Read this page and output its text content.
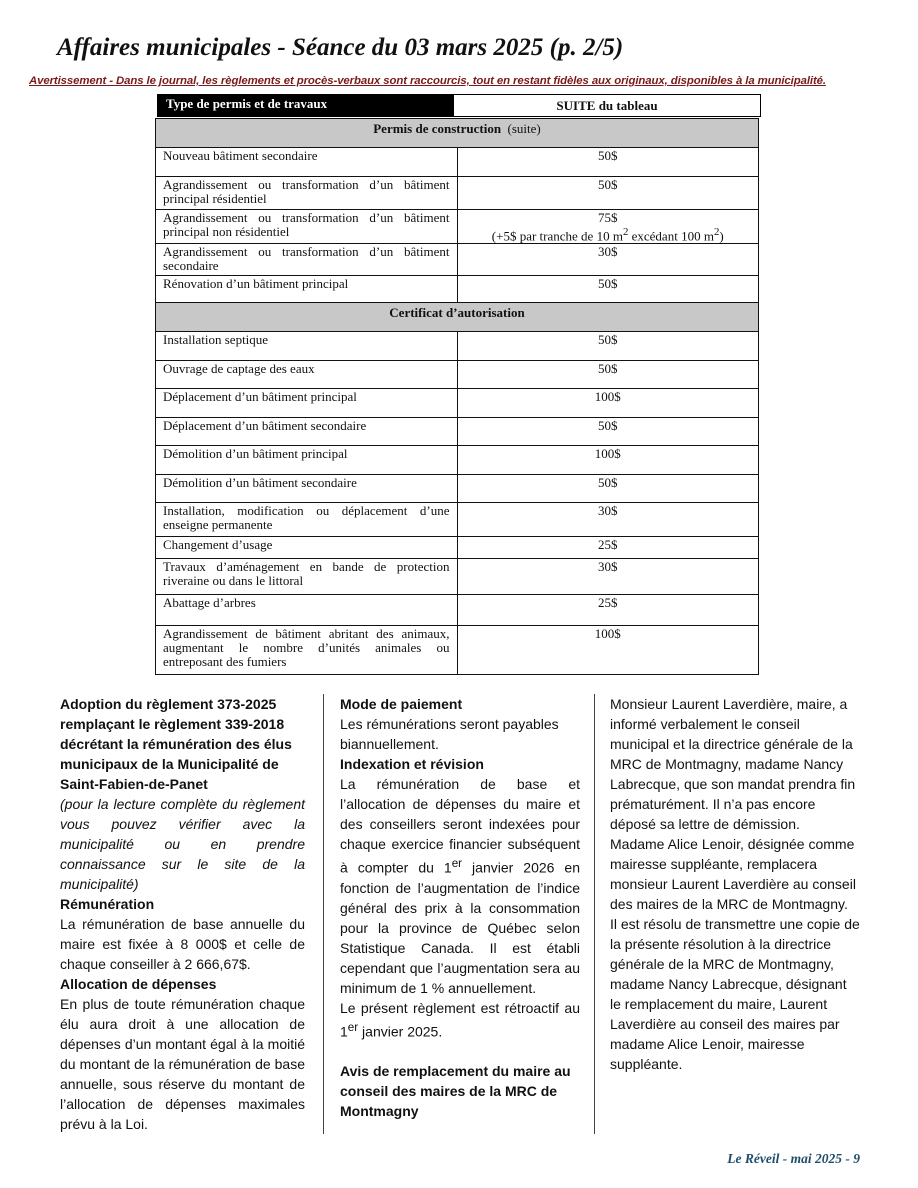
Affaires municipales - Séance du 03 mars 2025 (p. 2/5)
Avertissement - Dans le journal, les règlements et procès-verbaux sont raccourcis, tout en restant fidèles aux originaux, disponibles à la municipalité.
Type de permis et de travaux	SUITE du tableau
Permis de construction (suite)	
Nouveau bâtiment secondaire	50$
Agrandissement ou transformation d’un bâtiment principal résidentiel	50$
Agrandissement ou transformation d’un bâtiment principal non résidentiel	75$
(+5$ par tranche de 10 $m^2$ excédant 100 $m^2$)
Agrandissement ou transformation d’un bâtiment secondaire	30$
Rénovation d’un bâtiment principal	50$
Certificat d’autorisation	
Installation septique	50$
Ouvrage de captage des eaux	50$
Déplacement d’un bâtiment principal	100$
Déplacement d’un bâtiment secondaire	50$
Démolition d’un bâtiment principal	100$
Démolition d’un bâtiment secondaire	50$
Installation, modification ou déplacement d’une enseigne permanente	30$
Changement d’usage	25$
Travaux d’aménagement en bande de protection riveraine ou dans le littoral	30$
Abattage d’arbres	25$
Agrandissement de bâtiment abritant des animaux, augmentant le nombre d’unités animales ou entreposant des fumiers	100$

Adoption du règlement 373-2025 remplaçant le règlement 339-2018 décrétant la rémunération des élus municipaux de la Municipalité de Saint-Fabien-de-Panet

(pour la lecture complète du règlement vous pouvez vérifier avec la municipalité ou en prendre connaissance sur le site de la municipalité)

Rémunération

La rémunération de base annuelle du maire est fixée à 8 000$ et celle de chaque conseiller à 2 666,67$.

Allocation de dépenses

En plus de toute rémunération chaque élu aura droit à une allocation de dépenses d’un montant égal à la moitié du montant de la rémunération de base annuelle, sous réserve du montant de l’allocation de dépenses maximales prévu à la Loi.

Mode de paiement

Les rémunérations seront payables biannuellement.

Indexation et révision

La rémunération de base et l’allocation de dépenses du maire et des conseillers seront indexées pour chaque exercice financier subséquent à compter du 1er janvier 2026 en fonction de l’augmentation de l’indice général des prix à la consommation pour la province de Québec selon Statistique Canada. Il est établi cependant que l’augmentation sera au minimum de 1 % annuellement.

Le présent règlement est rétroactif au 1er janvier 2025.

Avis de remplacement du maire au conseil des maires de la MRC de Montmagny

Monsieur Laurent Laverdière, maire, a informé verbalement le conseil municipal et la directrice générale de la MRC de Montmagny, madame Nancy Labrecque, que son mandat prendra fin prématurément. Il n’a pas encore déposé sa lettre de démission.

Madame Alice Lenoir, désignée comme mairesse suppléante, remplacera monsieur Laurent Laverdière au conseil des maires de la MRC de Montmagny.

Il est résolu de transmettre une copie de la présente résolution à la directrice générale de la MRC de Montmagny, madame Nancy Labrecque, désignant le remplacement du maire, Laurent Laverdière au conseil des maires par madame Alice Lenoir, mairesse suppléante.

Le Réveil - mai 2025 - 9
